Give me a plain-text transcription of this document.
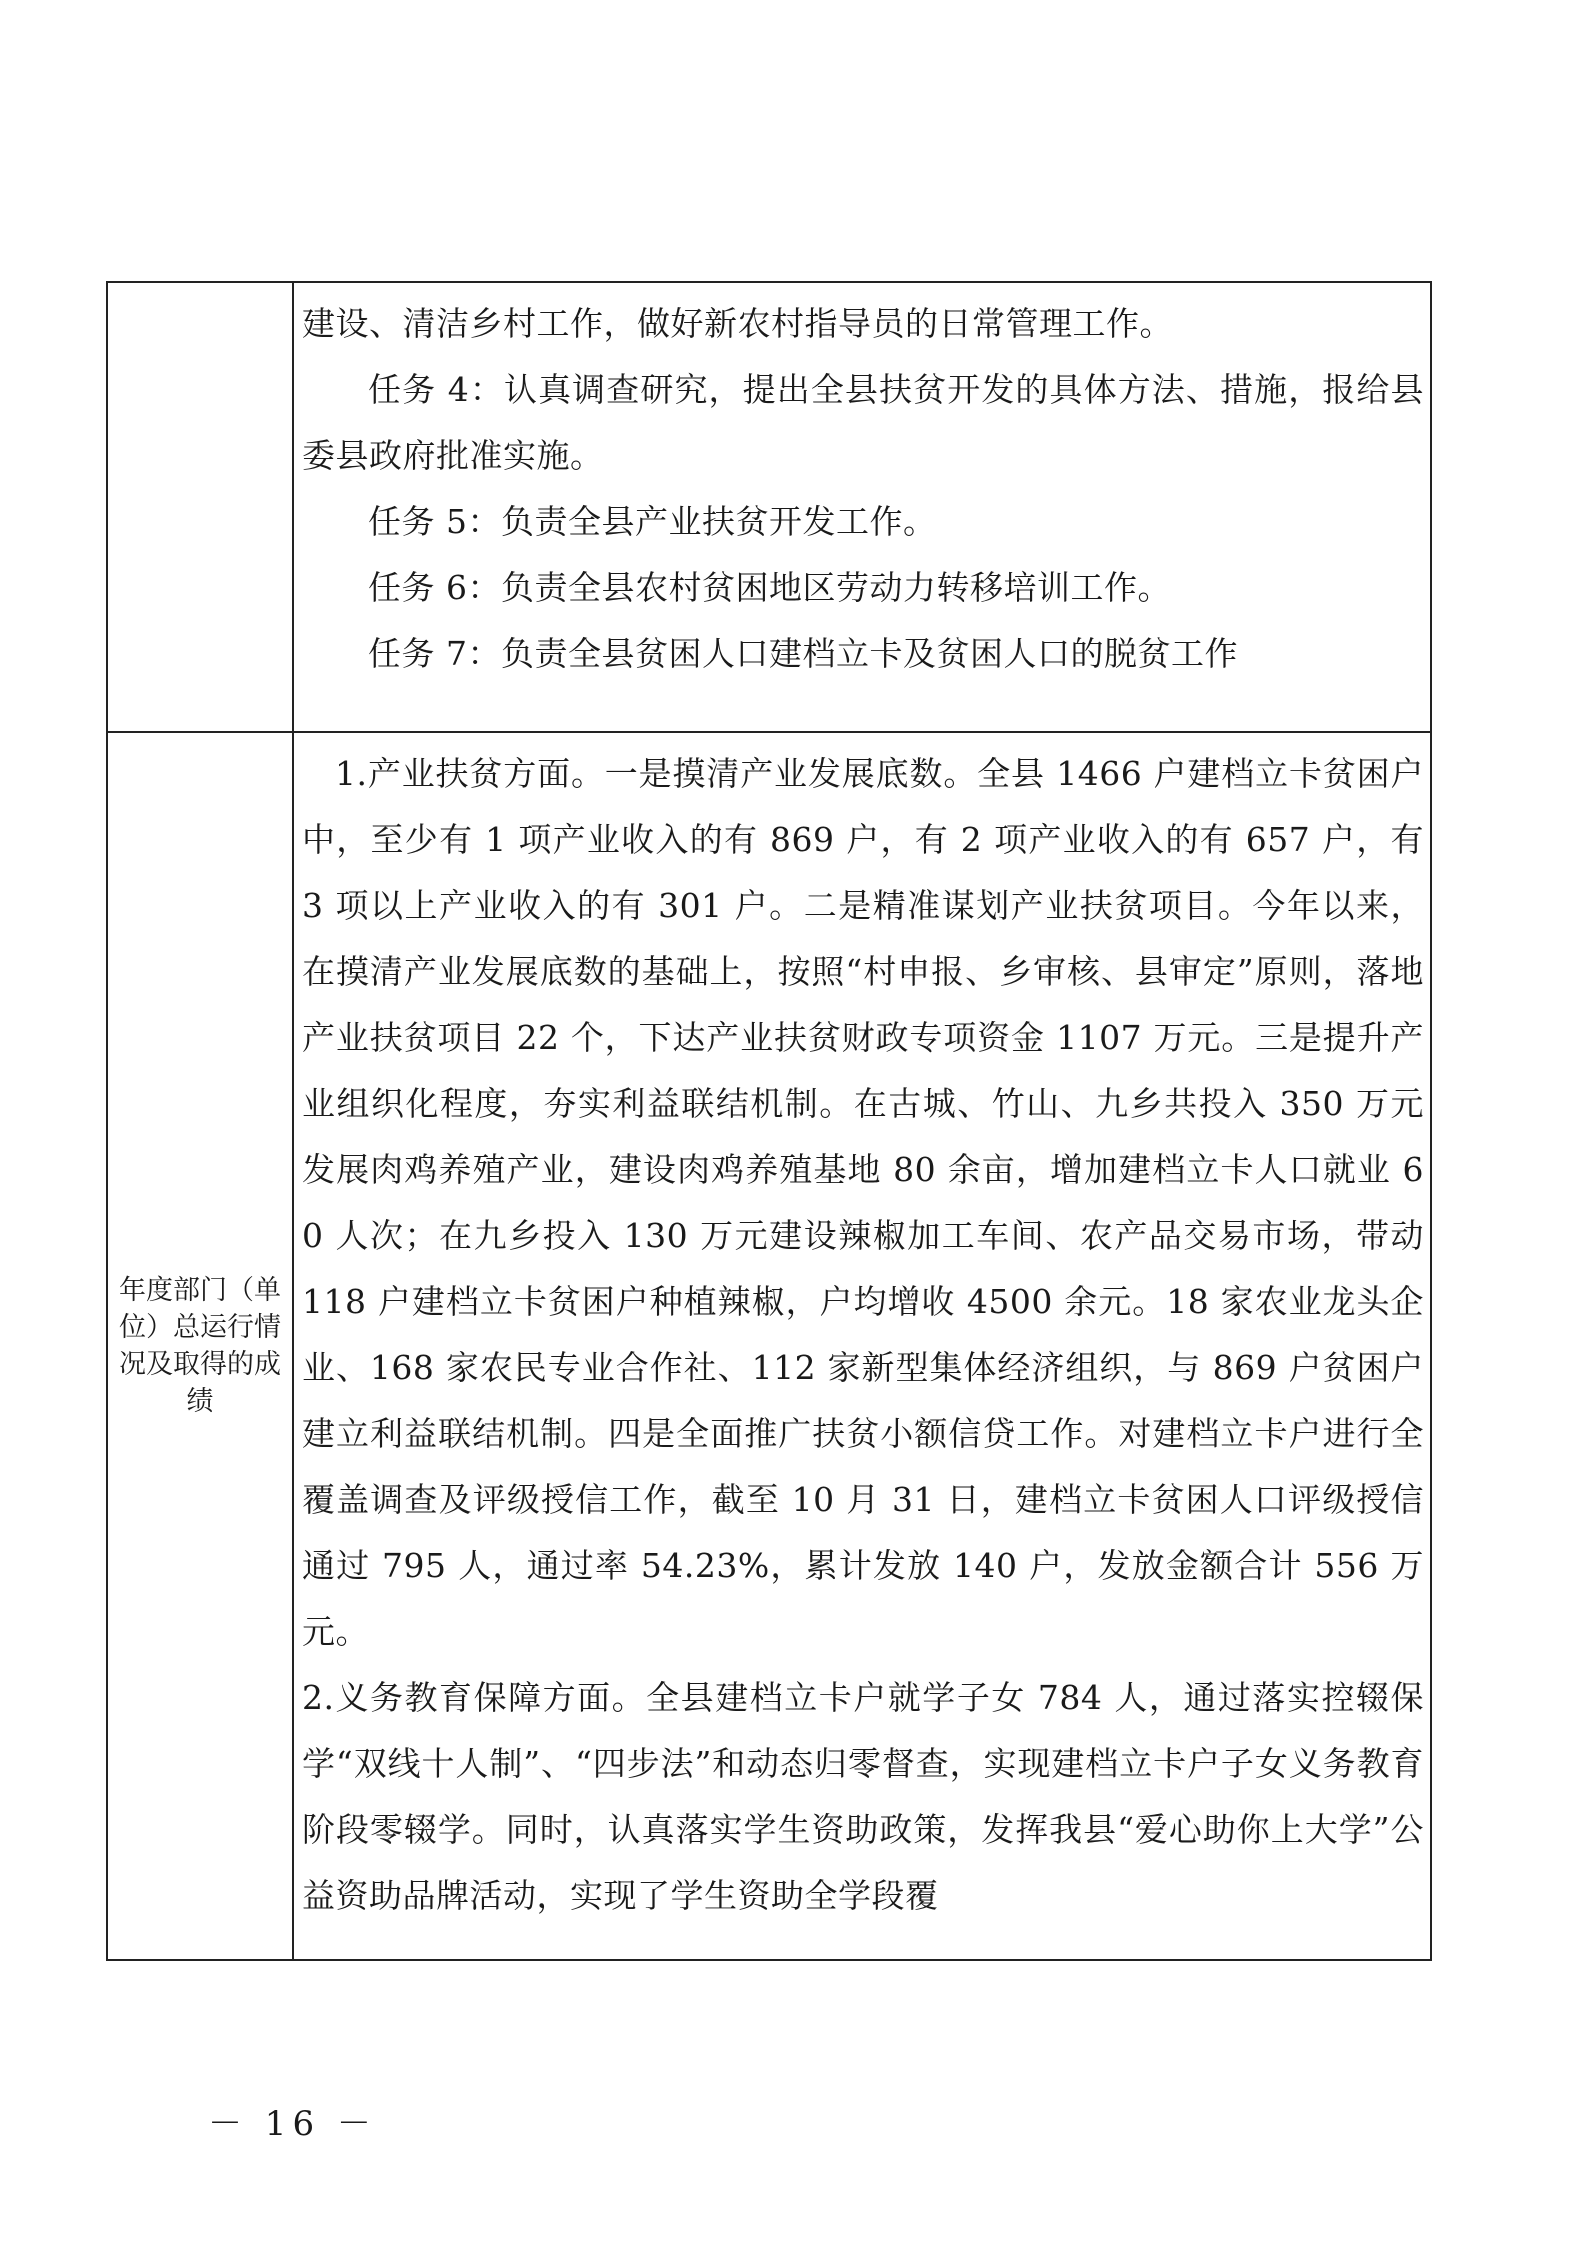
	建设、清洁乡村工作，做好新农村指导员的日常管理工作。

任务 4：认真调查研究，提出全县扶贫开发的具体方法、措施，报给县委县政府批准实施。

任务 5：负责全县产业扶贫开发工作。

任务 6：负责全县农村贫困地区劳动力转移培训工作。

任务 7：负责全县贫困人口建档立卡及贫困人口的脱贫工作

年度部门（单位）总运行情况及取得的成绩	1.产业扶贫方面。一是摸清产业发展底数。全县 1466 户建档立卡贫困户中，至少有 1 项产业收入的有 869 户，有 2 项产业收入的有 657 户，有 3 项以上产业收入的有 301 户。二是精准谋划产业扶贫项目。今年以来，在摸清产业发展底数的基础上，按照“村申报、乡审核、县审定”原则，落地产业扶贫项目 22 个，下达产业扶贫财政专项资金 1107 万元。三是提升产业组织化程度，夯实利益联结机制。在古城、竹山、九乡共投入 350 万元发展肉鸡养殖产业，建设肉鸡养殖基地 80 余亩，增加建档立卡人口就业 60 人次；在九乡投入 130 万元建设辣椒加工车间、农产品交易市场，带动 118 户建档立卡贫困户种植辣椒，户均增收 4500 余元。18 家农业龙头企业、168 家农民专业合作社、112 家新型集体经济组织，与 869 户贫困户建立利益联结机制。四是全面推广扶贫小额信贷工作。对建档立卡户进行全覆盖调查及评级授信工作，截至 10 月 31 日，建档立卡贫困人口评级授信通过 795 人，通过率 54.23%，累计发放 140 户，发放金额合计 556 万元。

2.义务教育保障方面。全县建档立卡户就学子女 784 人，通过落实控辍保学“双线十人制”、“四步法”和动态归零督查，实现建档立卡户子女义务教育阶段零辍学。同时，认真落实学生资助政策，发挥我县“爱心助你上大学”公益资助品牌活动，实现了学生资助全学段覆

－ 16 －
